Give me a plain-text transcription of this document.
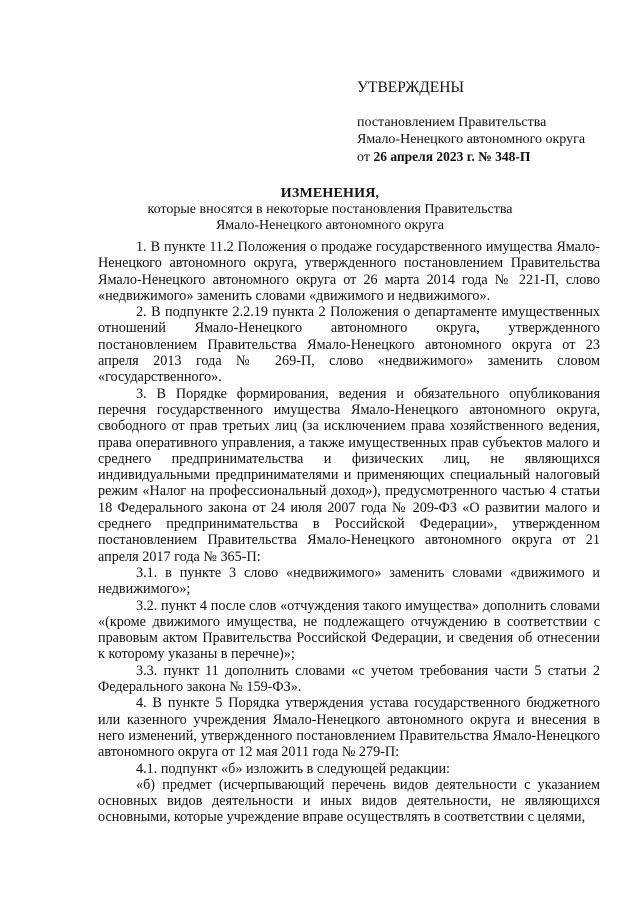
УТВЕРЖДЕНЫ
постановлением Правительства
Ямало-Ненецкого автономного округа
от 26 апреля 2023 г. № 348-П
ИЗМЕНЕНИЯ,
которые вносятся в некоторые постановления Правительства
Ямало-Ненецкого автономного округа

1. В пункте 11.2 Положения о продаже государственного имущества Ямало-Ненецкого автономного округа, утвержденного постановлением Правительства Ямало-Ненецкого автономного округа от 26 марта 2014 года № 221-П, слово «недвижимого» заменить словами «движимого и недвижимого».

2. В подпункте 2.2.19 пункта 2 Положения о департаменте имущественных отношений Ямало-Ненецкого автономного округа, утвержденного постановлением Правительства Ямало-Ненецкого автономного округа от 23 апреля 2013 года № 269-П, слово «недвижимого» заменить словом «государственного».

3. В Порядке формирования, ведения и обязательного опубликования перечня государственного имущества Ямало-Ненецкого автономного округа, свободного от прав третьих лиц (за исключением права хозяйственного ведения, права оперативного управления, а также имущественных прав субъектов малого и среднего предпринимательства и физических лиц, не являющихся индивидуальными предпринимателями и применяющих специальный налоговый режим «Налог на профессиональный доход»), предусмотренного частью 4 статьи 18 Федерального закона от 24 июля 2007 года № 209-ФЗ «О развитии малого и среднего предпринимательства в Российской Федерации», утвержденном постановлением Правительства Ямало-Ненецкого автономного округа от 21 апреля 2017 года № 365-П:

3.1. в пункте 3 слово «недвижимого» заменить словами «движимого и недвижимого»;

3.2. пункт 4 после слов «отчуждения такого имущества» дополнить словами «(кроме движимого имущества, не подлежащего отчуждению в соответствии с правовым актом Правительства Российской Федерации, и сведения об отнесении к которому указаны в перечне)»;

3.3. пункт 11 дополнить словами «с учетом требования части 5 статьи 2 Федерального закона № 159-ФЗ».

4. В пункте 5 Порядка утверждения устава государственного бюджетного или казенного учреждения Ямало-Ненецкого автономного округа и внесения в него изменений, утвержденного постановлением Правительства Ямало-Ненецкого автономного округа от 12 мая 2011 года № 279-П:

4.1. подпункт «б» изложить в следующей редакции:

«б) предмет (исчерпывающий перечень видов деятельности с указанием основных видов деятельности и иных видов деятельности, не являющихся основными, которые учреждение вправе осуществлять в соответствии с целями,
